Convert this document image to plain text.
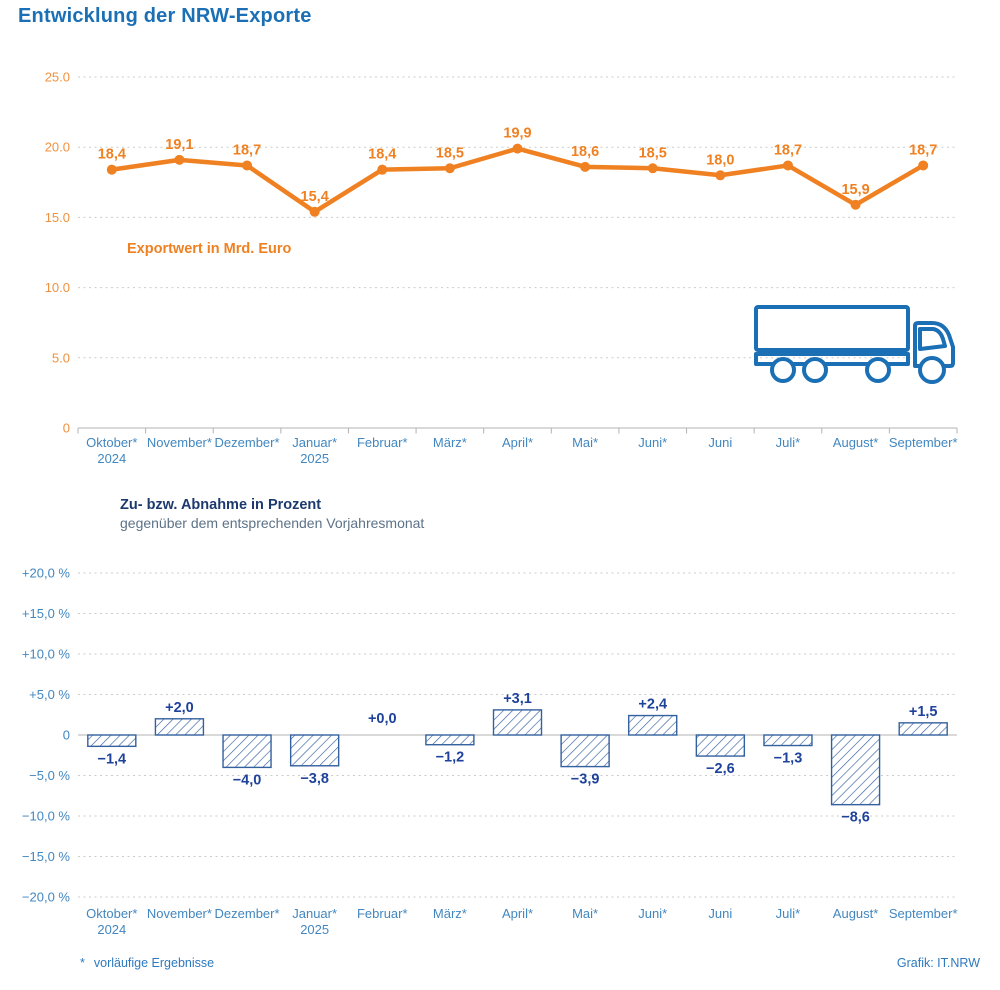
25.0
20.0
15.0
10.0
5.0
0
Oktober*
2024
November* Dezember* Januar*
2025
Februar* März*	April*	Mai*	Juni*	Juni	Juli*	August* September*
18,4
19,1	18,7
15,4
18,4	18,5
19,9
18,6	18,5	18,0
18,7
15,9
18,7
+20,0 %
+15,0 %
+10,0 %
+5,0 %
0
−5,0 %
−10,0 %
−15,0 %
−20,0 %
Oktober*
2024
November* Dezember* Januar*
2025
Februar* März*	April*	Mai*	Juni*	Juni	Juli*	August* September*
−1,4
+2,0
−4,0	−3,8
+0,0
−1,2
+3,1
−3,9
+2,4
−2,6
−1,3
−8,6
+1,5
Entwicklung der NRW-Exporte
Exportwert in Mrd. Euro
Zu- bzw. Abnahme in Prozent
gegenüber dem entsprechenden Vorjahresmonat
* vorläufige Ergebnisse	Grafik: IT.NRW
